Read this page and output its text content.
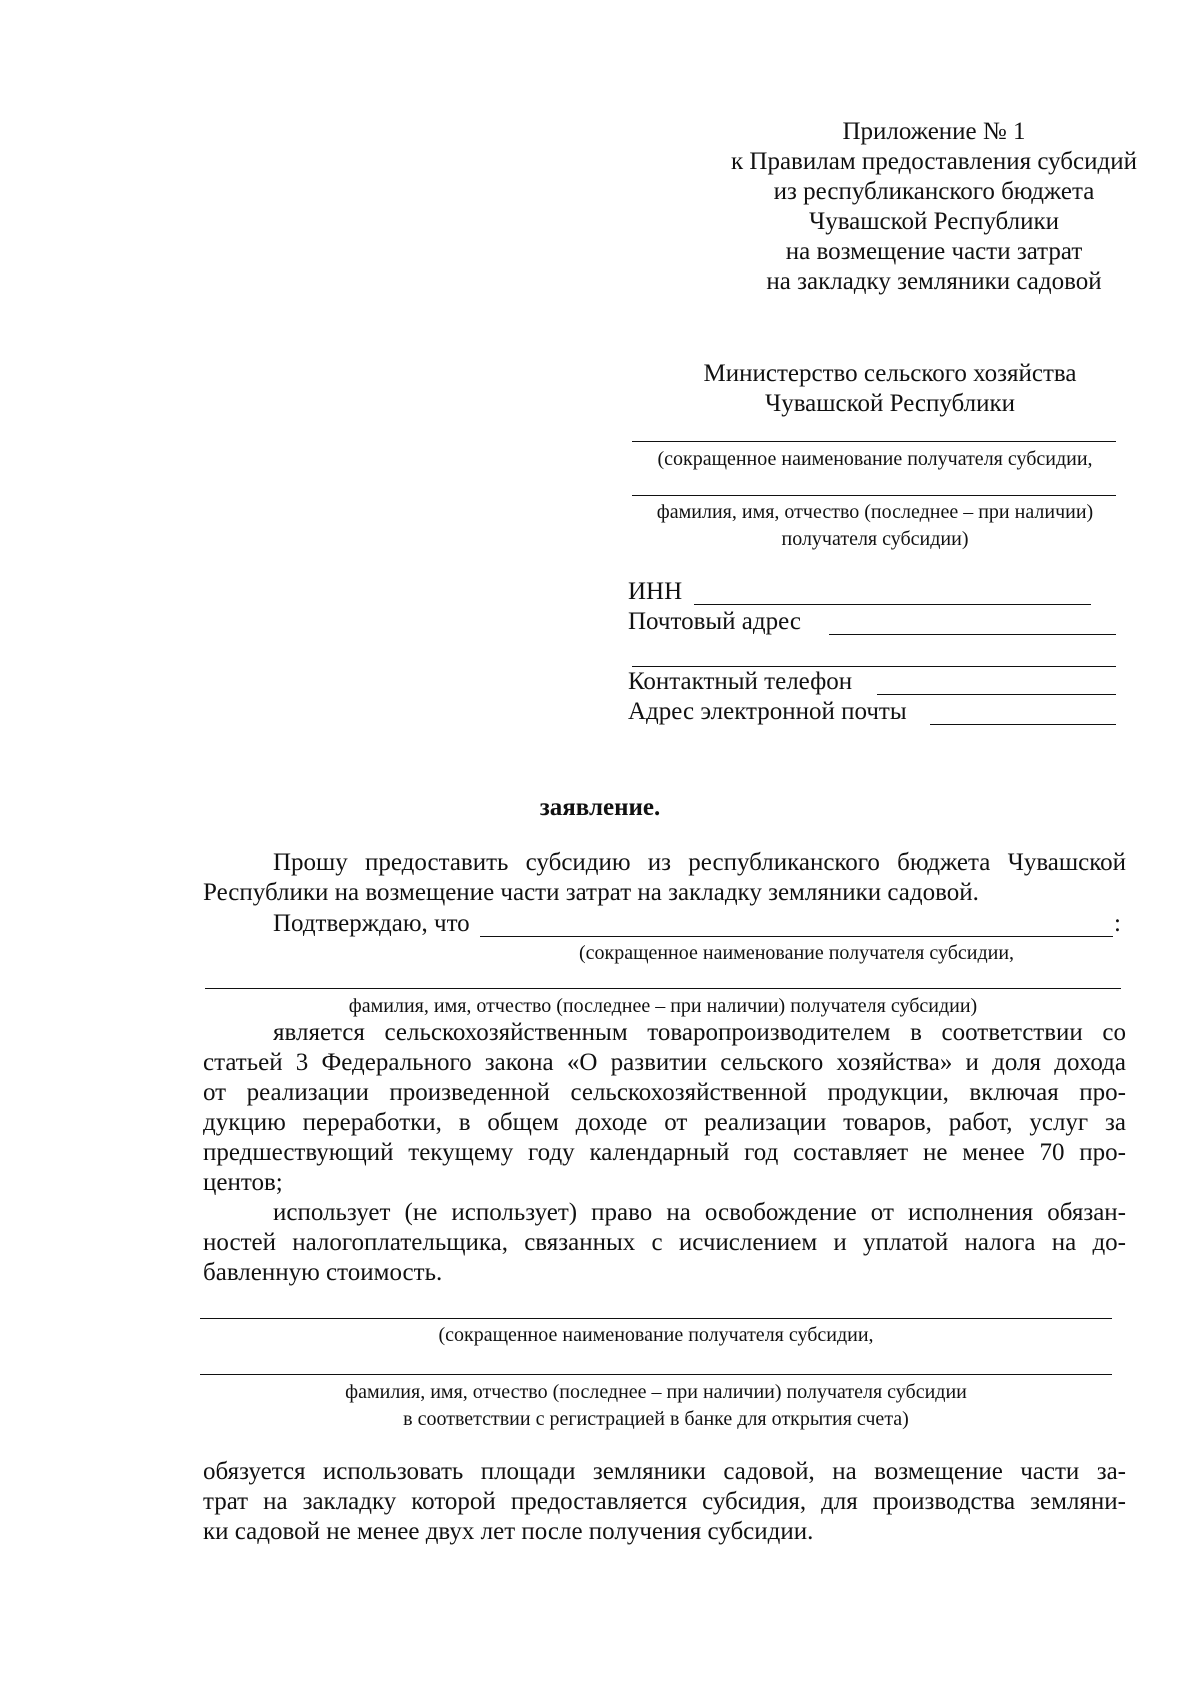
Приложение № 1
к Правилам предоставления субсидий
из республиканского бюджета
Чувашской Республики
на возмещение части затрат
на закладку земляники садовой
Министерство сельского хозяйства
Чувашской Республики
(сокращенное наименование получателя субсидии,
фамилия, имя, отчество (последнее – при наличии)
получателя субсидии)
ИНН
Почтовый адрес
Контактный телефон
Адрес электронной почты
заявление.
Прошу предоставить субсидию из республиканского бюджета Чувашской
Республики на возмещение части затрат на закладку земляники садовой.
Подтверждаю, что	:
(сокращенное наименование получателя субсидии,
фамилия, имя, отчество (последнее – при наличии) получателя субсидии)
является сельскохозяйственным товаропроизводителем в соответствии со
статьей 3 Федерального закона «О развитии сельского хозяйства» и доля дохода
от реализации произведенной сельскохозяйственной продукции, включая про-
дукцию переработки, в общем доходе от реализации товаров, работ, услуг за
предшествующий текущему году календарный год составляет не менее 70 про-
центов;
использует (не использует) право на освобождение от исполнения обязан-
ностей налогоплательщика, связанных с исчислением и уплатой налога на до-
бавленную стоимость.
(сокращенное наименование получателя субсидии,
фамилия, имя, отчество (последнее – при наличии) получателя субсидии
в соответствии с регистрацией в банке для открытия счета)
обязуется использовать площади земляники садовой, на возмещение части за-
трат на закладку которой предоставляется субсидия, для производства земляни-
ки садовой не менее двух лет после получения субсидии.
